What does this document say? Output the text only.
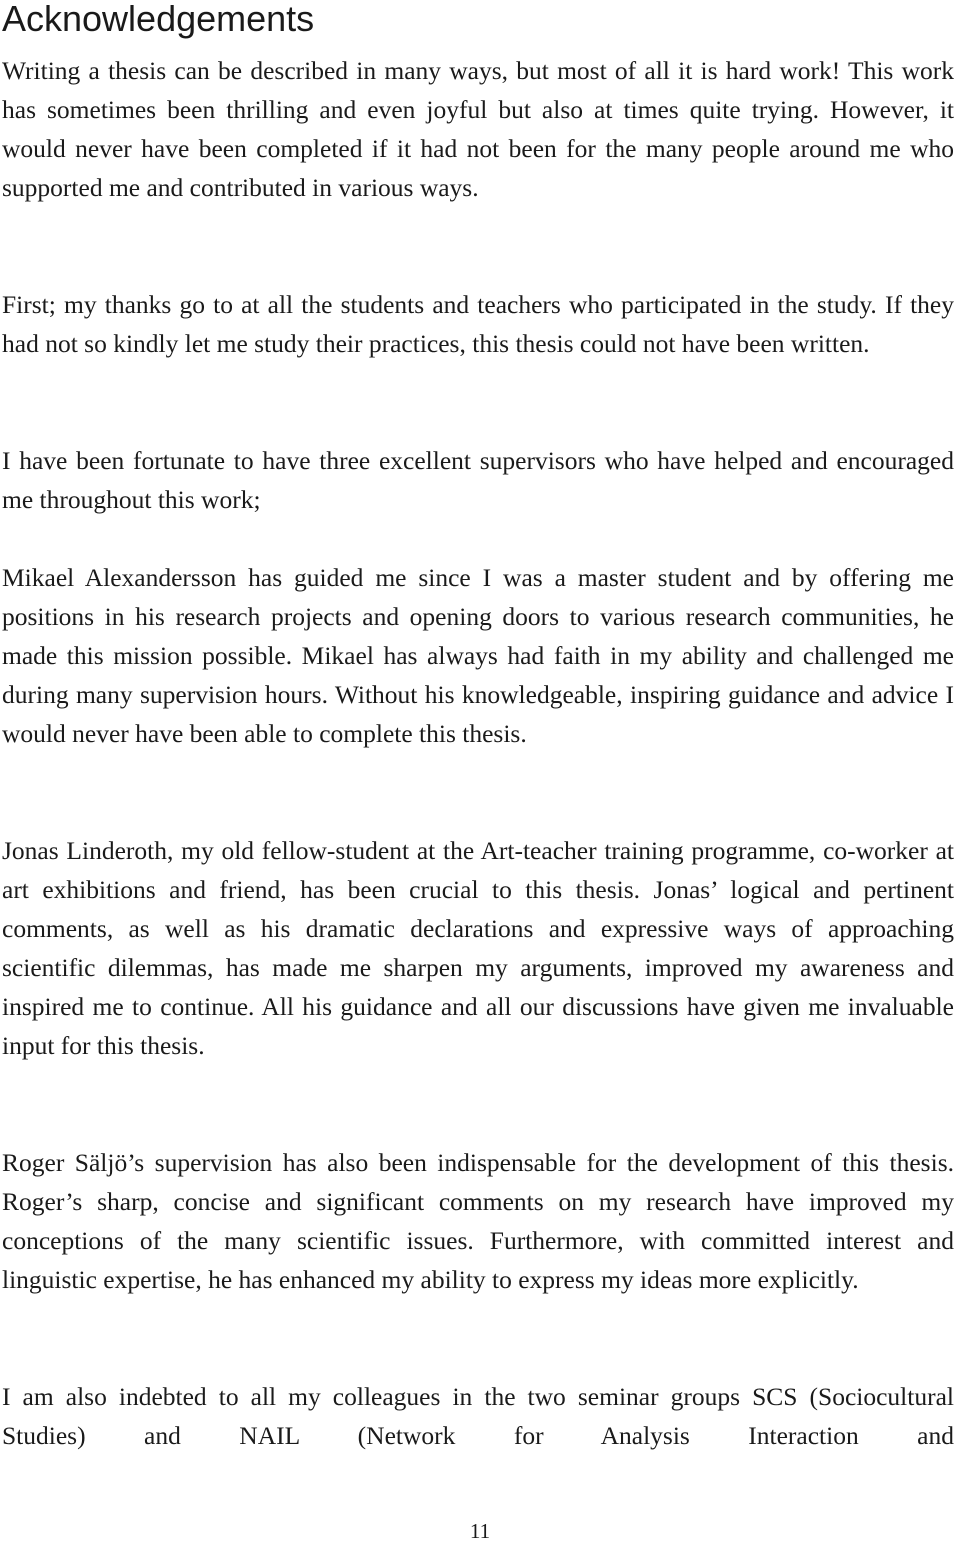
Acknowledgements

Writing a thesis can be described in many ways, but most of all it is hard work! This work has sometimes been thrilling and even joyful but also at times quite trying. However, it would never have been completed if it had not been for the many people around me who supported me and contributed in various ways.

First; my thanks go to at all the students and teachers who participated in the study. If they had not so kindly let me study their practices, this thesis could not have been written.

I have been fortunate to have three excellent supervisors who have helped and encouraged me throughout this work;

Mikael Alexandersson has guided me since I was a master student and by offering me positions in his research projects and opening doors to various research communities, he made this mission possible. Mikael has always had faith in my ability and challenged me during many supervision hours. Without his knowledgeable, inspiring guidance and advice I would never have been able to complete this thesis.

Jonas Linderoth, my old fellow-student at the Art-teacher training programme, co-worker at art exhibitions and friend, has been crucial to this thesis. Jonas’ logical and pertinent comments, as well as his dramatic declarations and expressive ways of approaching scientific dilemmas, has made me sharpen my arguments, improved my awareness and inspired me to continue. All his guidance and all our discussions have given me invaluable input for this thesis.

Roger Säljö’s supervision has also been indispensable for the development of this thesis. Roger’s sharp, concise and significant comments on my research have improved my conceptions of the many scientific issues. Furthermore, with committed interest and linguistic expertise, he has enhanced my ability to express my ideas more explicitly.

I am also indebted to all my colleagues in the two seminar groups SCS (Sociocultural Studies) and NAIL (Network for Analysis Interaction and

11
